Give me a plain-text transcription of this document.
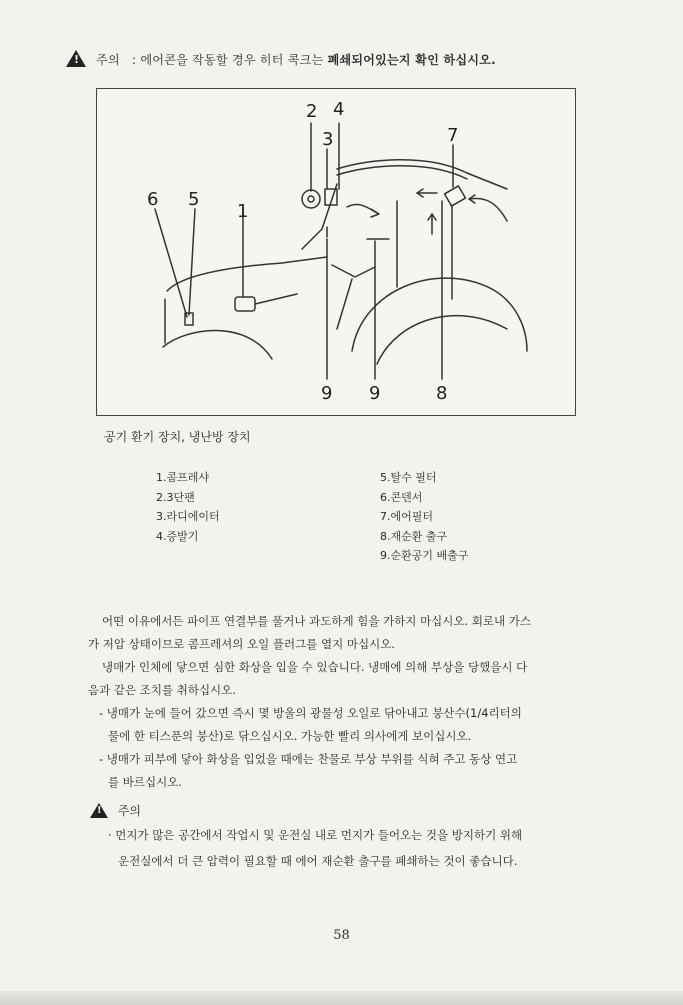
! 주의 : 에어콘을 작동할 경우 히터 콕크는 폐쇄되어있는지 확인 하십시오.
2 4
3	7
6 5
1
9 9	8
공기 환기 장치, 냉난방 장치
1.콤프레샤
2.3단팬
3.라디에이터
4.증발기
5.탈수 필터
6.콘덴서
7.에어필터
8.재순환 출구
9.순환공기 배출구

어떤 이유에서든 파이프 연결부를 풀거나 과도하게 힘을 가하지 마십시오. 회로내 가스

가 저압 상태이므로 콤프레셔의 오일 플러그를 열지 마십시오.

냉매가 인체에 닿으면 심한 화상을 입을 수 있습니다. 냉매에 의해 부상을 당했을시 다

음과 같은 조치를 취하십시오.

- 냉매가 눈에 들어 갔으면 즉시 몇 방울의 광물성 오일로 닦아내고 붕산수(1/4리터의

물에 한 티스푼의 붕산)로 닦으십시오. 가능한 빨리 의사에게 보이십시오.

- 냉매가 피부에 닿아 화상을 입었을 때에는 찬물로 부상 부위를 식혀 주고 동상 연고

를 바르십시오.

! 주의

· 먼지가 많은 공간에서 작업시 및 운전실 내로 먼지가 들어오는 것을 방지하기 위해

운전실에서 더 큰 압력이 필요할 때 에어 재순환 출구를 폐쇄하는 것이 좋습니다.

58
